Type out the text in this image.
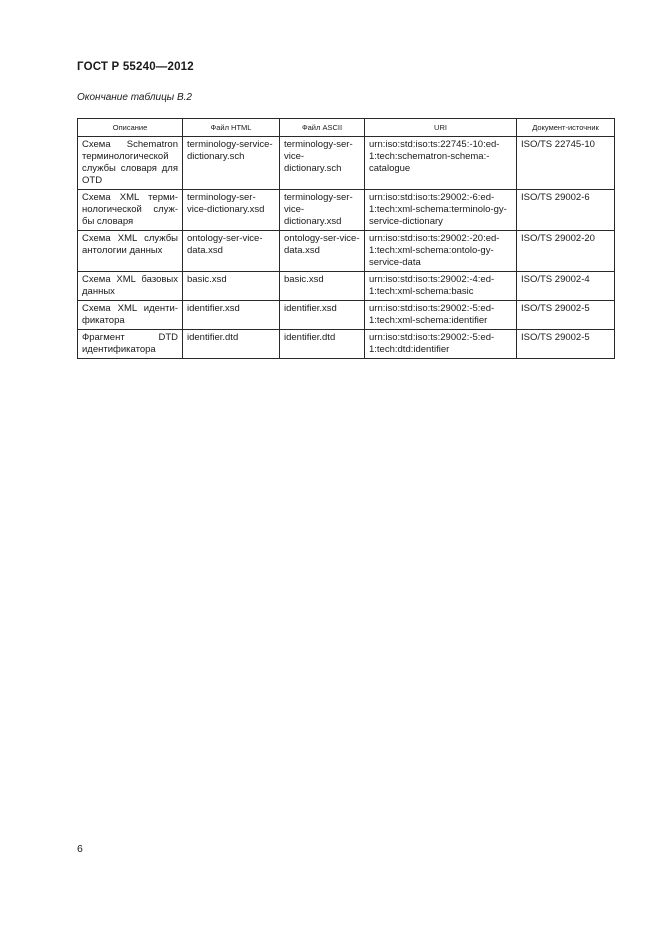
ГОСТ Р 55240—2012
Окончание таблицы В.2
Описание	Файл HTML	Файл ASCII	URI	Документ-источник
Схема Schematron терминологической службы словаря для OTD	terminology-service-dictionary.sch	terminology-ser-vice-dictionary.sch	urn:iso:std:iso:ts:22745:-10:ed-1:tech:schematron-schema:-catalogue	ISO/TS 22745-10
Схема XML терми-нологической служ-бы словаря	terminology-ser-vice-dictionary.xsd	terminology-ser-vice-dictionary.xsd	urn:iso:std:iso:ts:29002:-6:ed-1:tech:xml-schema:terminolo-gy-service-dictionary	ISO/TS 29002-6
Схема XML службы антологии данных	ontology-ser-vice-data.xsd	ontology-ser-vice-data.xsd	urn:iso:std:iso:ts:29002:-20:ed-1:tech:xml-schema:ontolo-gy-service-data	ISO/TS 29002-20
Схема XML базовых данных	basic.xsd	basic.xsd	urn:iso:std:iso:ts:29002:-4:ed-1:tech:xml-schema:basic	ISO/TS 29002-4
Схема XML иденти-фикатора	identifier.xsd	identifier.xsd	urn:iso:std:iso:ts:29002:-5:ed-1:tech:xml-schema:identifier	ISO/TS 29002-5
Фрагмент DTD идентификатора	identifier.dtd	identifier.dtd	urn:iso:std:iso:ts:29002:-5:ed-1:tech:dtd:identifier	ISO/TS 29002-5
6
